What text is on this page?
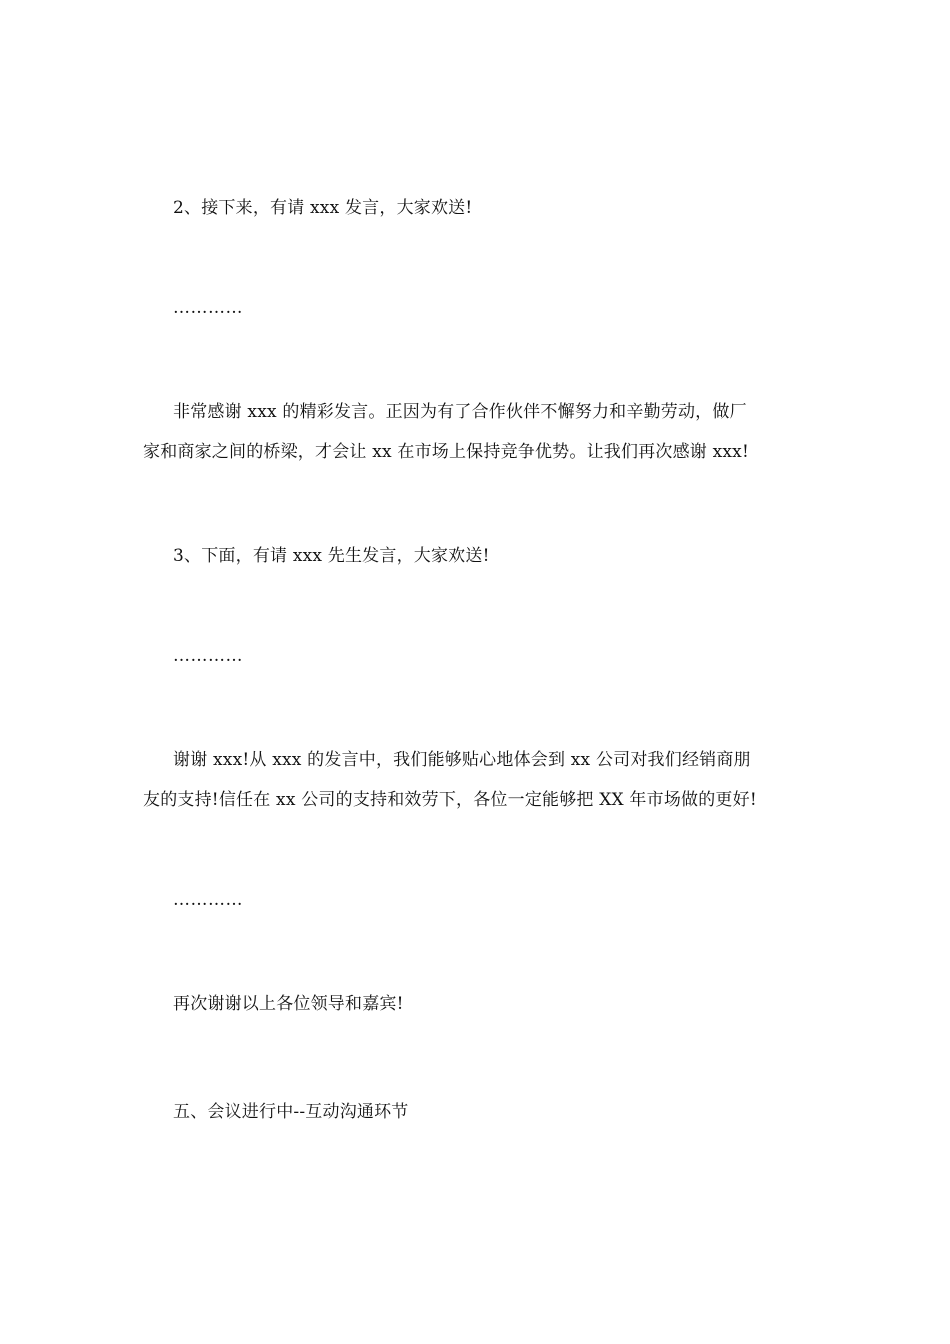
2、接下来，有请 xxx 发言，大家欢送!

…………

非常感谢 xxx 的精彩发言。正因为有了合作伙伴不懈努力和辛勤劳动，做厂
家和商家之间的桥梁，才会让 xx 在市场上保持竞争优势。让我们再次感谢 xxx!

3、下面，有请 xxx 先生发言，大家欢送!

…………

谢谢 xxx!从 xxx 的发言中，我们能够贴心地体会到 xx 公司对我们经销商朋
友的支持!信任在 xx 公司的支持和效劳下，各位一定能够把 XX 年市场做的更好!

…………

再次谢谢以上各位领导和嘉宾!

五、会议进行中--互动沟通环节
